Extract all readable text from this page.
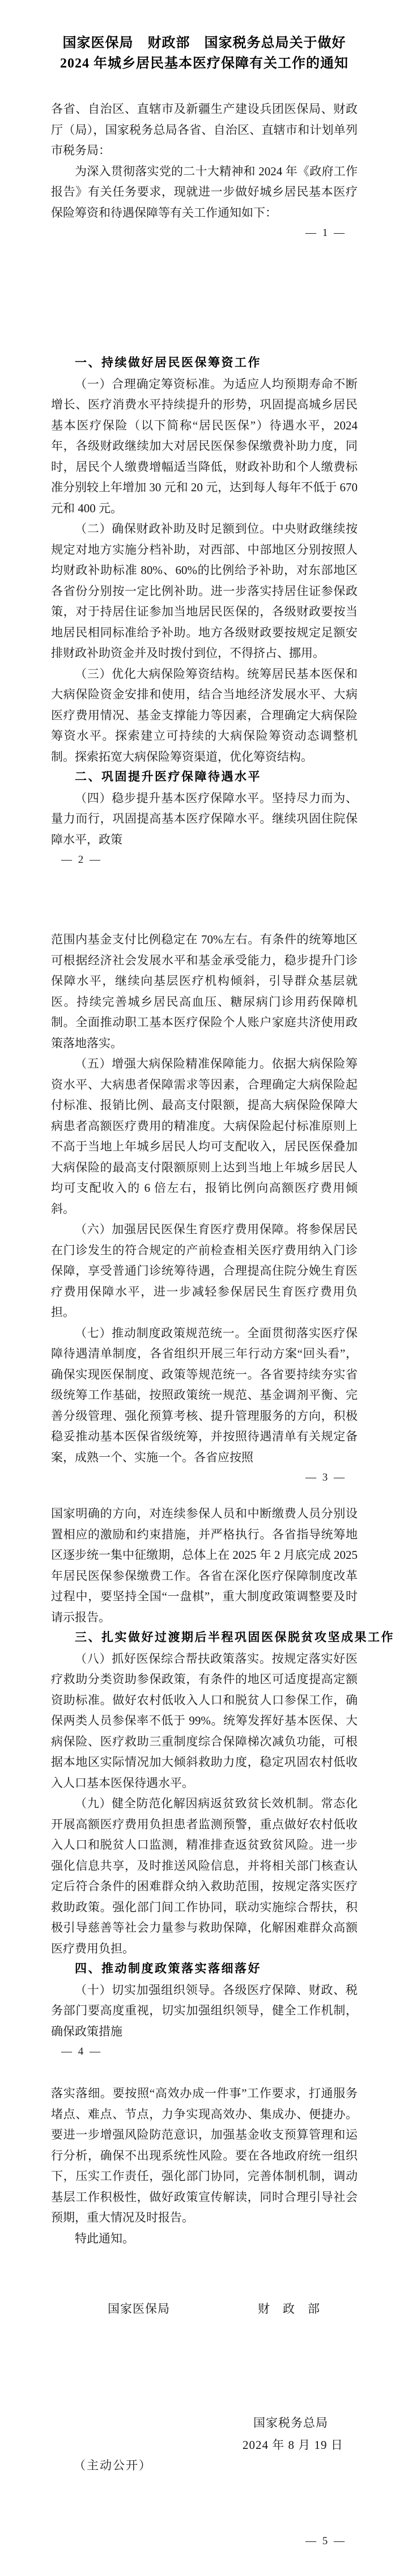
国家医保局　财政部　国家税务总局关于做好
2024 年城乡居民基本医疗保障有关工作的通知

各省、自治区、直辖市及新疆生产建设兵团医保局、财政厅（局），国家税务总局各省、自治区、直辖市和计划单列市税务局：

为深入贯彻落实党的二十大精神和 2024 年《政府工作报告》有关任务要求，现就进一步做好城乡居民基本医疗保险筹资和待遇保障等有关工作通知如下：

— 1 —
一、持续做好居民医保筹资工作

（一）合理确定筹资标准。为适应人均预期寿命不断增长、医疗消费水平持续提升的形势，巩固提高城乡居民基本医疗保险（以下简称“居民医保”）待遇水平，2024 年，各级财政继续加大对居民医保参保缴费补助力度，同时，居民个人缴费增幅适当降低，财政补助和个人缴费标准分别较上年增加 30 元和 20 元，达到每人每年不低于 670 元和 400 元。

（二）确保财政补助及时足额到位。中央财政继续按规定对地方实施分档补助，对西部、中部地区分别按照人均财政补助标准 80%、60%的比例给予补助，对东部地区各省份分别按一定比例补助。进一步落实持居住证参保政策，对于持居住证参加当地居民医保的，各级财政要按当地居民相同标准给予补助。地方各级财政要按规定足额安排财政补助资金并及时拨付到位，不得挤占、挪用。

（三）优化大病保险筹资结构。统筹居民基本医保和大病保险资金安排和使用，结合当地经济发展水平、大病医疗费用情况、基金支撑能力等因素，合理确定大病保险筹资水平。探索建立可持续的大病保险筹资动态调整机制。探索拓宽大病保险筹资渠道，优化筹资结构。

二、巩固提升医疗保障待遇水平

（四）稳步提升基本医疗保障水平。坚持尽力而为、量力而行，巩固提高基本医疗保障水平。继续巩固住院保障水平，政策

— 2 —

范围内基金支付比例稳定在 70%左右。有条件的统筹地区可根据经济社会发展水平和基金承受能力，稳步提升门诊保障水平，继续向基层医疗机构倾斜，引导群众基层就医。持续完善城乡居民高血压、糖尿病门诊用药保障机制。全面推动职工基本医疗保险个人账户家庭共济使用政策落地落实。

（五）增强大病保险精准保障能力。依据大病保险筹资水平、大病患者保障需求等因素，合理确定大病保险起付标准、报销比例、最高支付限额，提高大病保险保障大病患者高额医疗费用的精准度。大病保险起付标准原则上不高于当地上年城乡居民人均可支配收入，居民医保叠加大病保险的最高支付限额原则上达到当地上年城乡居民人均可支配收入的 6 倍左右，报销比例向高额医疗费用倾斜。

（六）加强居民医保生育医疗费用保障。将参保居民在门诊发生的符合规定的产前检查相关医疗费用纳入门诊保障，享受普通门诊统筹待遇，合理提高住院分娩生育医疗费用保障水平，进一步减轻参保居民生育医疗费用负担。

（七）推动制度政策规范统一。全面贯彻落实医疗保障待遇清单制度，各省组织开展三年行动方案“回头看”，确保实现医保制度、政策等规范统一。各省要持续夯实省级统筹工作基础，按照政策统一规范、基金调剂平衡、完善分级管理、强化预算考核、提升管理服务的方向，积极稳妥推动基本医保省级统筹，并按照待遇清单有关规定备案，成熟一个、实施一个。各省应按照

— 3 —

国家明确的方向，对连续参保人员和中断缴费人员分别设置相应的激励和约束措施，并严格执行。各省指导统筹地区逐步统一集中征缴期，总体上在 2025 年 2 月底完成 2025 年居民医保参保缴费工作。各省在深化医疗保障制度改革过程中，要坚持全国“一盘棋”，重大制度政策调整要及时请示报告。

三、扎实做好过渡期后半程巩固医保脱贫攻坚成果工作

（八）抓好医保综合帮扶政策落实。按规定落实好医疗救助分类资助参保政策，有条件的地区可适度提高定额资助标准。做好农村低收入人口和脱贫人口参保工作，确保两类人员参保率不低于 99%。统筹发挥好基本医保、大病保险、医疗救助三重制度综合保障梯次减负功能，可根据本地区实际情况加大倾斜救助力度，稳定巩固农村低收入人口基本医保待遇水平。

（九）健全防范化解因病返贫致贫长效机制。常态化开展高额医疗费用负担患者监测预警，重点做好农村低收入人口和脱贫人口监测，精准排查返贫致贫风险。进一步强化信息共享，及时推送风险信息，并将相关部门核查认定后符合条件的困难群众纳入救助范围，按规定落实医疗救助政策。强化部门间工作协同，联动实施综合帮扶，积极引导慈善等社会力量参与救助保障，化解困难群众高额医疗费用负担。

四、推动制度政策落实落细落好

（十）切实加强组织领导。各级医疗保障、财政、税务部门要高度重视，切实加强组织领导，健全工作机制，确保政策措施

— 4 —

落实落细。要按照“高效办成一件事”工作要求，打通服务堵点、难点、节点，力争实现高效办、集成办、便捷办。要进一步增强风险防范意识，加强基金收支预算管理和运行分析，确保不出现系统性风险。要在各地政府统一组织下，压实工作责任，强化部门协同，完善体制机制，调动基层工作积极性，做好政策宣传解读，同时合理引导社会预期，重大情况及时报告。

特此通知。

国家医保局	财　政　部
国家税务总局
2024 年 8 月 19 日
（主动公开）
— 5 —
